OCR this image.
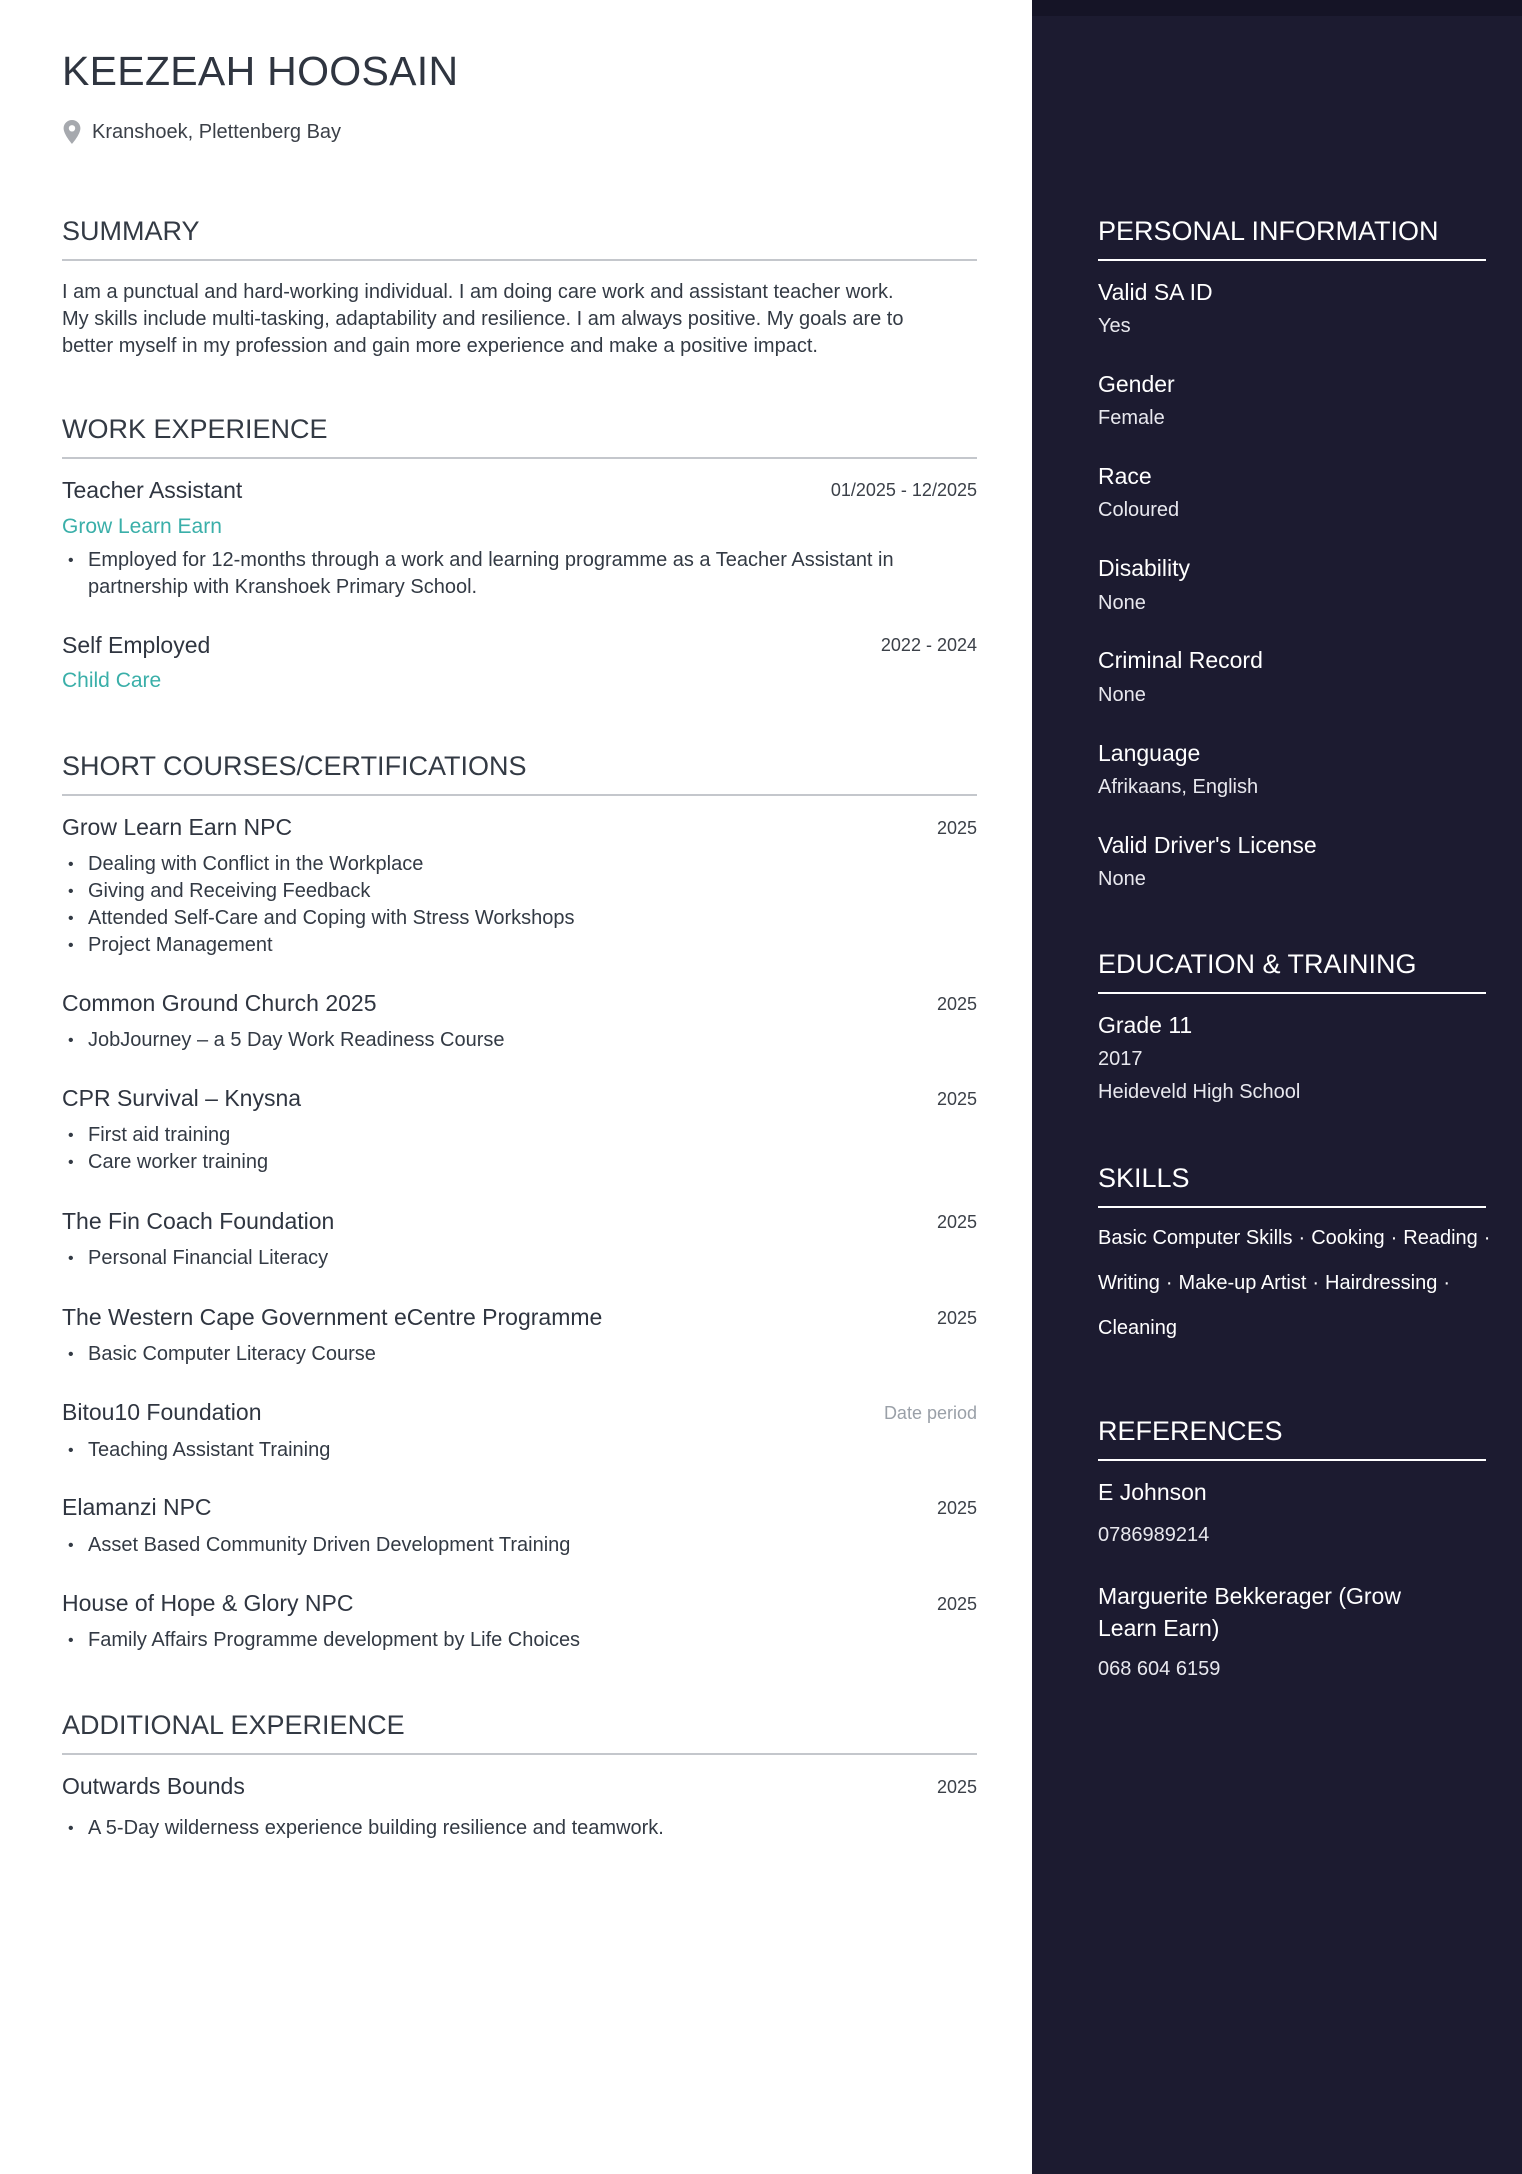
KEEZEAH HOOSAIN
Kranshoek, Plettenberg Bay
SUMMARY
I am a punctual and hard-working individual. I am doing care work and assistant teacher work.
My skills include multi-tasking, adaptability and resilience. I am always positive. My goals are to
better myself in my profession and gain more experience and make a positive impact.
WORK EXPERIENCE
Teacher Assistant	01/2025 - 12/2025
Grow Learn Earn
• Employed for 12-months through a work and learning programme as a Teacher Assistant in partnership with Kranshoek Primary School.
Self Employed	2022 - 2024
Child Care
SHORT COURSES/CERTIFICATIONS
Grow Learn Earn NPC	2025
• Dealing with Conflict in the Workplace
• Giving and Receiving Feedback
• Attended Self-Care and Coping with Stress Workshops
• Project Management
Common Ground Church 2025	2025
• JobJourney – a 5 Day Work Readiness Course
CPR Survival – Knysna	2025
• First aid training
• Care worker training
The Fin Coach Foundation	2025
• Personal Financial Literacy
The Western Cape Government eCentre Programme	2025
• Basic Computer Literacy Course
Bitou10 Foundation	Date period
• Teaching Assistant Training
Elamanzi NPC	2025
• Asset Based Community Driven Development Training
House of Hope & Glory NPC	2025
• Family Affairs Programme development by Life Choices
ADDITIONAL EXPERIENCE
Outwards Bounds	2025
• A 5-Day wilderness experience building resilience and teamwork.
PERSONAL INFORMATION
Valid SA ID
Yes
Gender
Female
Race
Coloured
Disability
None
Criminal Record
None
Language
Afrikaans, English
Valid Driver's License
None
EDUCATION & TRAINING
Grade 11
2017
Heideveld High School
SKILLS
Basic Computer Skills · Cooking · Reading ·
Writing · Make-up Artist · Hairdressing ·
Cleaning
REFERENCES
E Johnson
0786989214
Marguerite Bekkerager (Grow Learn Earn)
068 604 6159
